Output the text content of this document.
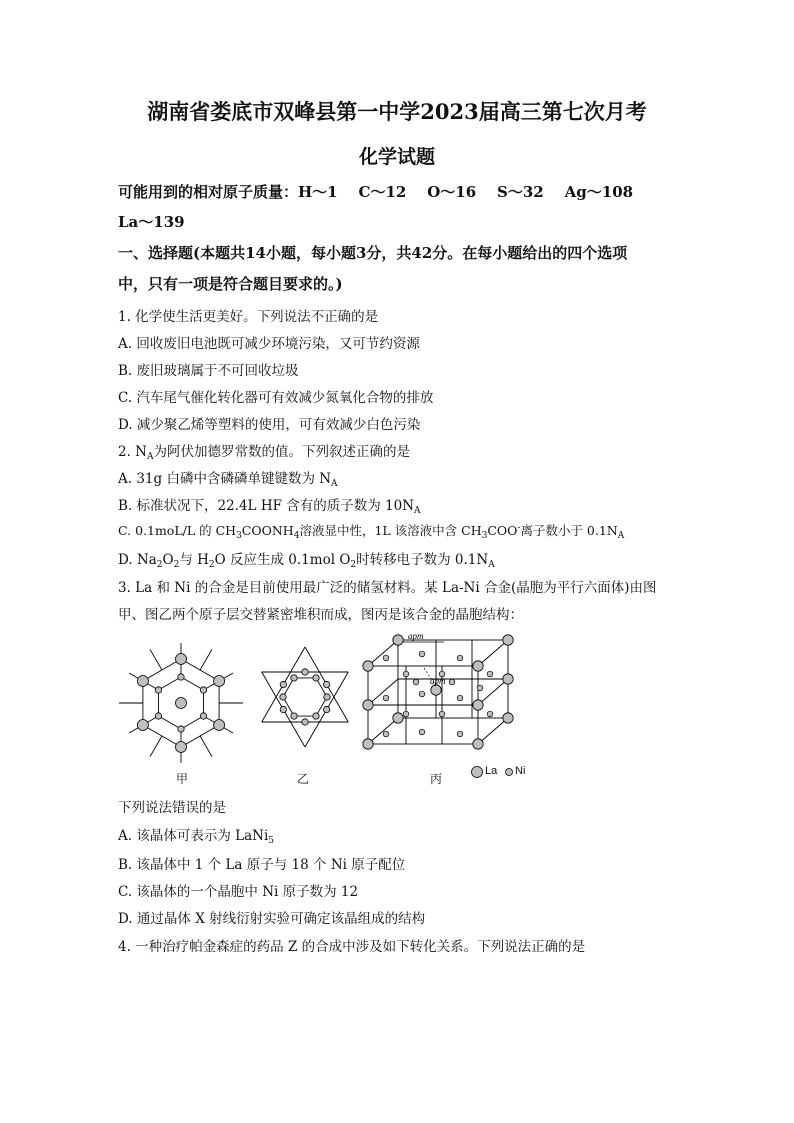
湖南省娄底市双峰县第一中学2023届高三第七次月考
化学试题
可能用到的相对原子质量：H～1    C～12    O～16    S～32    Ag～108
La～139
一、选择题(本题共14小题，每小题3分，共42分。在每小题给出的四个选项
中，只有一项是符合题目要求的。)
1. 化学使生活更美好。下列说法不正确的是
A. 回收废旧电池既可减少环境污染，又可节约资源
B. 废旧玻璃属于不可回收垃圾
C. 汽车尾气催化转化器可有效减少氮氧化合物的排放
D. 减少聚乙烯等塑料的使用，可有效减少白色污染
2. $N_A$为阿伏加德罗常数的值。下列叙述正确的是
A. 31g 白磷中含磷磷单键键数为 $N_A$
B. 标准状况下，22.4L HF 含有的质子数为 $10N_A$
C. 0.1moL/L 的 $CH_3COONH_4$溶液显中性，1L 该溶液中含 $CH_3COO^-$离子数小于 $0.1N_A$
D. $Na_2O_2$与 $H_2O$ 反应生成 0.1mol $O_2$时转移电子数为 $0.1N_A$
3. La 和 Ni 的合金是目前使用最广泛的储氢材料。某 La-Ni 合金(晶胞为平行六面体)由图
甲、图乙两个原子层交替紧密堆积而成，图丙是该合金的晶胞结构：
apm
apm
甲	乙	丙
La Ni
下列说法错误的是
A. 该晶体可表示为 LaNi$_5$
B. 该晶体中 1 个 La 原子与 18 个 Ni 原子配位
C. 该晶体的一个晶胞中 Ni 原子数为 12
D. 通过晶体 X 射线衍射实验可确定该晶组成的结构
4. 一种治疗帕金森症的药品 Z 的合成中涉及如下转化关系。下列说法正确的是
